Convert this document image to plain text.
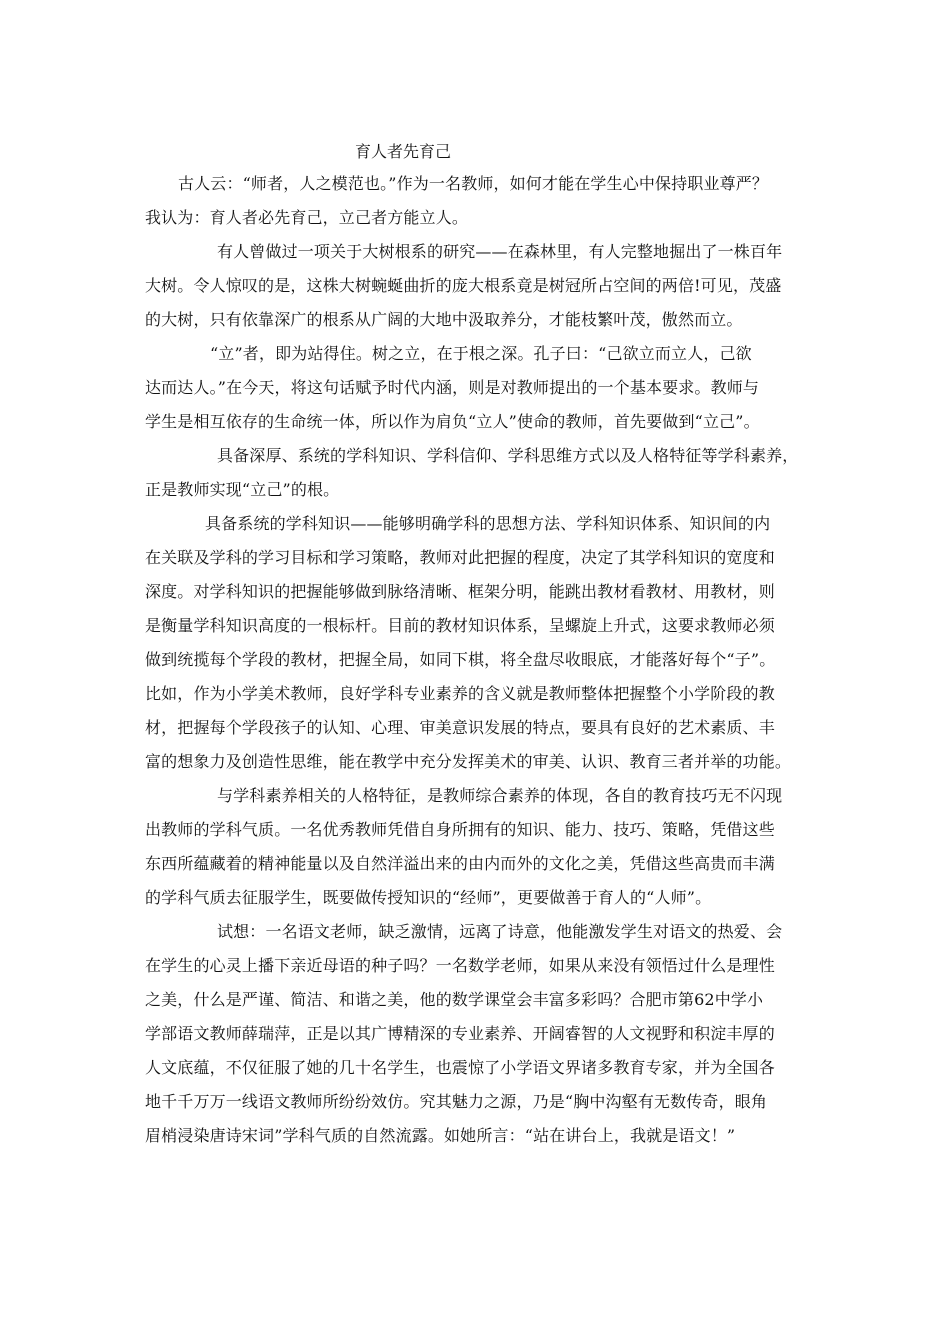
育人者先育己
古人云：“师者，人之模范也。”作为一名教师，如何才能在学生心中保持职业尊严？
我认为：育人者必先育己，立己者方能立人。
有人曾做过一项关于大树根系的研究——在森林里，有人完整地掘出了一株百年
大树。令人惊叹的是，这株大树蜿蜒曲折的庞大根系竟是树冠所占空间的两倍!可见，茂盛
的大树，只有依靠深广的根系从广阔的大地中汲取养分，才能枝繁叶茂，傲然而立。
“立”者，即为站得住。树之立，在于根之深。孔子曰：“己欲立而立人，己欲
达而达人。”在今天，将这句话赋予时代内涵，则是对教师提出的一个基本要求。教师与
学生是相互依存的生命统一体，所以作为肩负“立人”使命的教师，首先要做到“立己”。
具备深厚、系统的学科知识、学科信仰、学科思维方式以及人格特征等学科素养，
正是教师实现“立己”的根。
具备系统的学科知识——能够明确学科的思想方法、学科知识体系、知识间的内
在关联及学科的学习目标和学习策略，教师对此把握的程度，决定了其学科知识的宽度和
深度。对学科知识的把握能够做到脉络清晰、框架分明，能跳出教材看教材、用教材，则
是衡量学科知识高度的一根标杆。目前的教材知识体系，呈螺旋上升式，这要求教师必须
做到统揽每个学段的教材，把握全局，如同下棋，将全盘尽收眼底，才能落好每个“子”。
比如，作为小学美术教师，良好学科专业素养的含义就是教师整体把握整个小学阶段的教
材，把握每个学段孩子的认知、心理、审美意识发展的特点，要具有良好的艺术素质、丰
富的想象力及创造性思维，能在教学中充分发挥美术的审美、认识、教育三者并举的功能。
与学科素养相关的人格特征，是教师综合素养的体现，各自的教育技巧无不闪现
出教师的学科气质。一名优秀教师凭借自身所拥有的知识、能力、技巧、策略，凭借这些
东西所蕴藏着的精神能量以及自然洋溢出来的由内而外的文化之美，凭借这些高贵而丰满
的学科气质去征服学生，既要做传授知识的“经师”，更要做善于育人的“人师”。
试想：一名语文老师，缺乏激情，远离了诗意，他能激发学生对语文的热爱、会
在学生的心灵上播下亲近母语的种子吗？一名数学老师，如果从来没有领悟过什么是理性
之美，什么是严谨、简洁、和谐之美，他的数学课堂会丰富多彩吗？合肥市第62中学小
学部语文教师薛瑞萍，正是以其广博精深的专业素养、开阔睿智的人文视野和积淀丰厚的
人文底蕴，不仅征服了她的几十名学生，也震惊了小学语文界诸多教育专家，并为全国各
地千千万万一线语文教师所纷纷效仿。究其魅力之源，乃是“胸中沟壑有无数传奇，眼角
眉梢浸染唐诗宋词”学科气质的自然流露。如她所言：“站在讲台上，我就是语文！”
